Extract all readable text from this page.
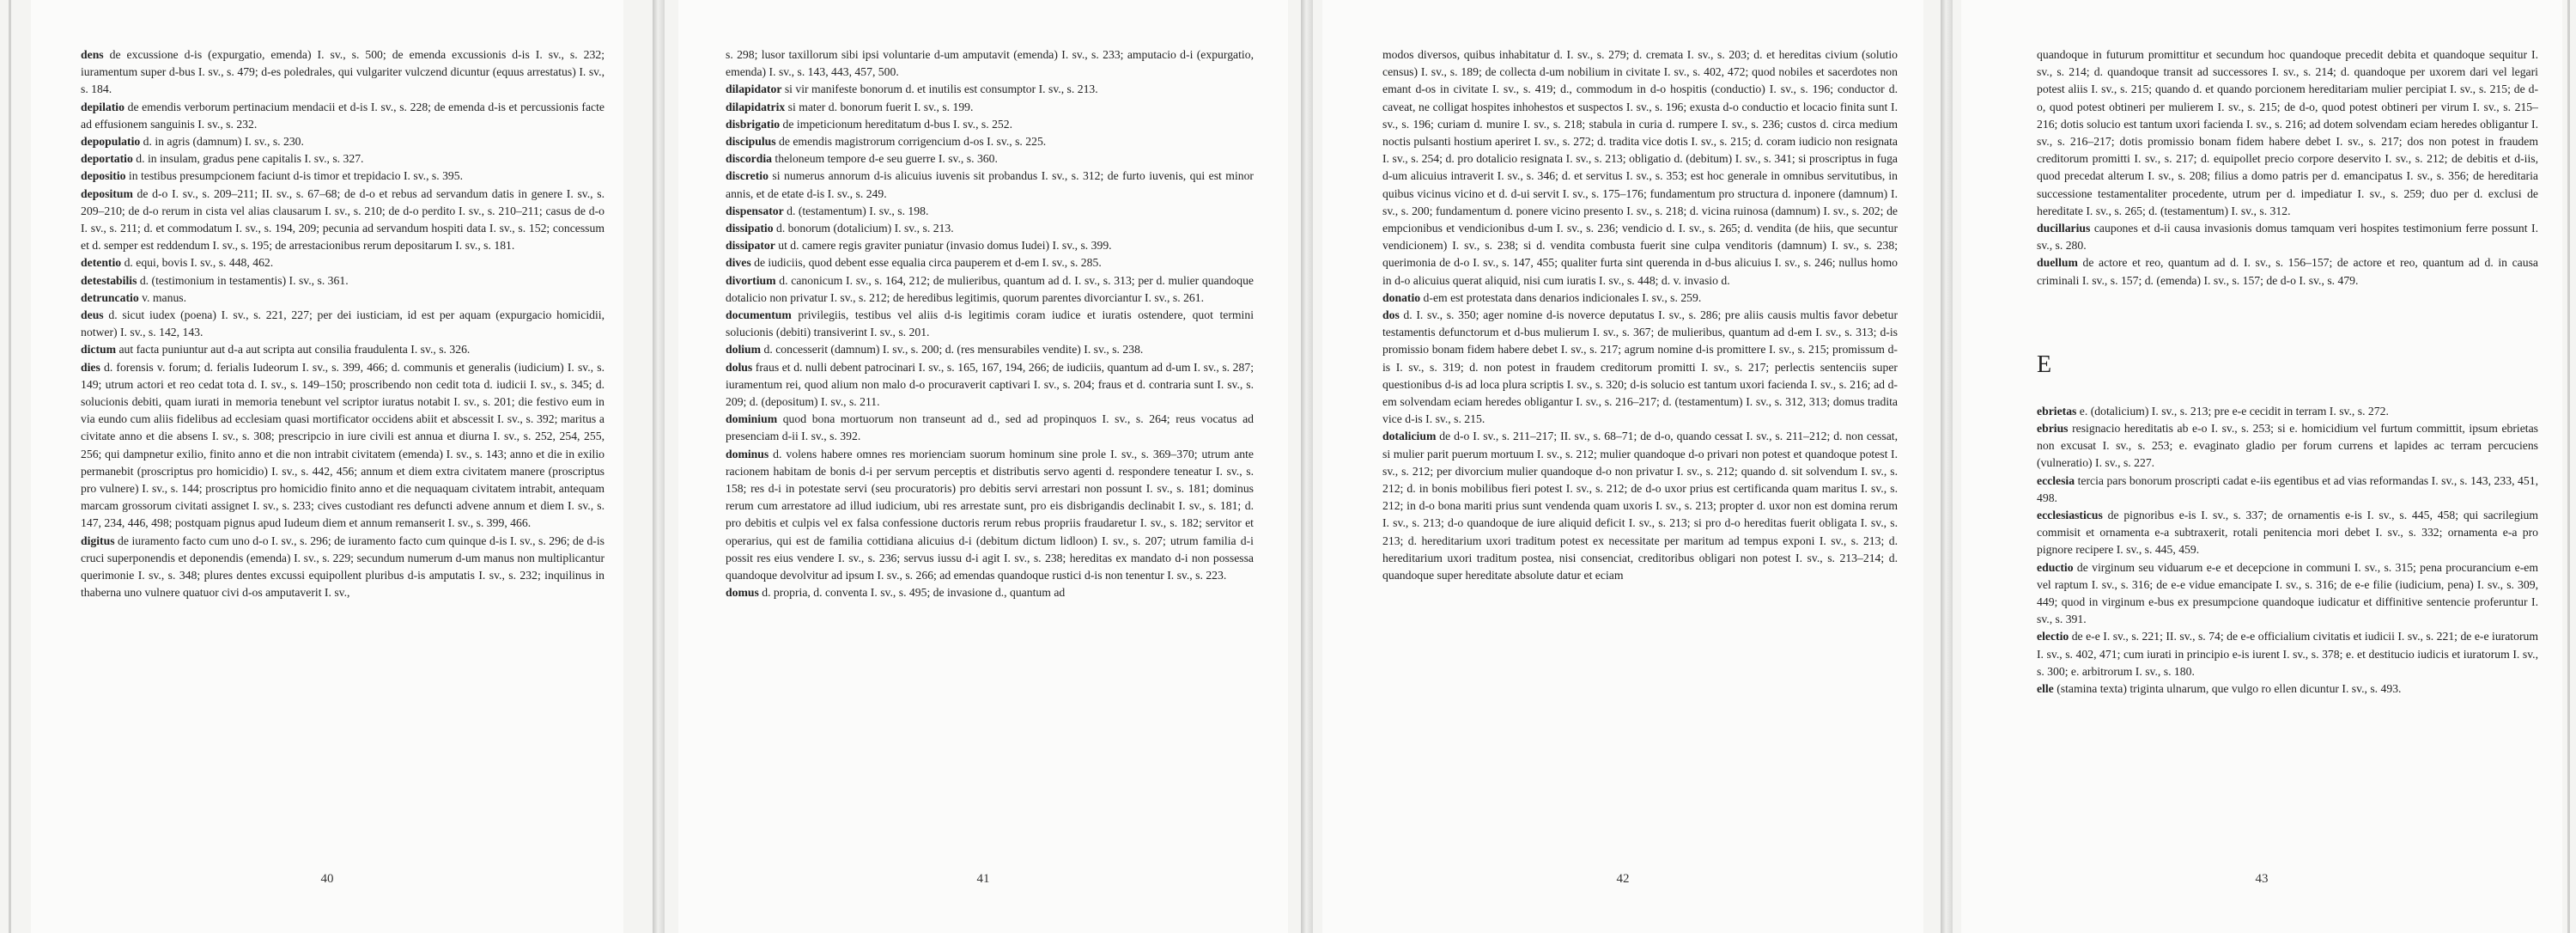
dens de excussione d-is (expurgatio, emenda) I. sv., s. 500; de emenda excussionis d-is I. sv., s. 232; iuramentum super d-bus I. sv., s. 479; d-es poledrales, qui vulgariter vulczend dicuntur (equus arrestatus) I. sv., s. 184.

depilatio de emendis verborum pertinacium mendacii et d-is I. sv., s. 228; de emenda d-is et percussionis facte ad effusionem sanguinis I. sv., s. 232.

depopulatio d. in agris (damnum) I. sv., s. 230.

deportatio d. in insulam, gradus pene capitalis I. sv., s. 327.

depositio in testibus presumpcionem faciunt d-is timor et trepidacio I. sv., s. 395.

depositum de d-o I. sv., s. 209–211; II. sv., s. 67–68; de d-o et rebus ad servandum datis in genere I. sv., s. 209–210; de d-o rerum in cista vel alias clausarum I. sv., s. 210; de d-o perdito I. sv., s. 210–211; casus de d-o I. sv., s. 211; d. et commodatum I. sv., s. 194, 209; pecunia ad servandum hospiti data I. sv., s. 152; concessum et d. semper est reddendum I. sv., s. 195; de arrestacionibus rerum depositarum I. sv., s. 181.

detentio d. equi, bovis I. sv., s. 448, 462.

detestabilis d. (testimonium in testamentis) I. sv., s. 361.

detruncatio v. manus.

deus d. sicut iudex (poena) I. sv., s. 221, 227; per dei iusticiam, id est per aquam (expurgacio homicidii, notwer) I. sv., s. 142, 143.

dictum aut facta puniuntur aut d-a aut scripta aut consilia fraudulenta I. sv., s. 326.

dies d. forensis v. forum; d. ferialis Iudeorum I. sv., s. 399, 466; d. communis et generalis (iudicium) I. sv., s. 149; utrum actori et reo cedat tota d. I. sv., s. 149–150; proscribendo non cedit tota d. iudicii I. sv., s. 345; d. solucionis debiti, quam iurati in memoria tenebunt vel scriptor iuratus notabit I. sv., s. 201; die festivo eum in via eundo cum aliis fidelibus ad ecclesiam quasi mortificator occidens abiit et abscessit I. sv., s. 392; maritus a civitate anno et die absens I. sv., s. 308; prescripcio in iure civili est annua et diurna I. sv., s. 252, 254, 255, 256; qui dampnetur exilio, finito anno et die non intrabit civitatem (emenda) I. sv., s. 143; anno et die in exilio permanebit (proscriptus pro homicidio) I. sv., s. 442, 456; annum et diem extra civitatem manere (proscriptus pro vulnere) I. sv., s. 144; proscriptus pro homicidio finito anno et die nequaquam civitatem intrabit, antequam marcam grossorum civitati assignet I. sv., s. 233; cives custodiant res defuncti advene annum et diem I. sv., s. 147, 234, 446, 498; postquam pignus apud Iudeum diem et annum remanserit I. sv., s. 399, 466.

digitus de iuramento facto cum uno d-o I. sv., s. 296; de iuramento facto cum quinque d-is I. sv., s. 296; de d-is cruci superponendis et deponendis (emenda) I. sv., s. 229; secundum numerum d-um manus non multiplicantur querimonie I. sv., s. 348; plures dentes excussi equipollent pluribus d-is amputatis I. sv., s. 232; inquilinus in thaberna uno vulnere quatuor civi d-os amputaverit I. sv.,

40

s. 298; lusor taxillorum sibi ipsi voluntarie d-um amputavit (emenda) I. sv., s. 233; amputacio d-i (expurgatio, emenda) I. sv., s. 143, 443, 457, 500.

dilapidator si vir manifeste bonorum d. et inutilis est consumptor I. sv., s. 213.

dilapidatrix si mater d. bonorum fuerit I. sv., s. 199.

disbrigatio de impeticionum hereditatum d-bus I. sv., s. 252.

discipulus de emendis magistrorum corrigencium d-os I. sv., s. 225.

discordia theloneum tempore d-e seu guerre I. sv., s. 360.

discretio si numerus annorum d-is alicuius iuvenis sit probandus I. sv., s. 312; de furto iuvenis, qui est minor annis, et de etate d-is I. sv., s. 249.

dispensator d. (testamentum) I. sv., s. 198.

dissipatio d. bonorum (dotalicium) I. sv., s. 213.

dissipator ut d. camere regis graviter puniatur (invasio domus Iudei) I. sv., s. 399.

dives de iudiciis, quod debent esse equalia circa pauperem et d-em I. sv., s. 285.

divortium d. canonicum I. sv., s. 164, 212; de mulieribus, quantum ad d. I. sv., s. 313; per d. mulier quandoque dotalicio non privatur I. sv., s. 212; de heredibus legitimis, quorum parentes divorciantur I. sv., s. 261.

documentum privilegiis, testibus vel aliis d-is legitimis coram iudice et iuratis ostendere, quot termini solucionis (debiti) transiverint I. sv., s. 201.

dolium d. concesserit (damnum) I. sv., s. 200; d. (res mensurabiles vendite) I. sv., s. 238.

dolus fraus et d. nulli debent patrocinari I. sv., s. 165, 167, 194, 266; de iudiciis, quantum ad d-um I. sv., s. 287; iuramentum rei, quod alium non malo d-o procuraverit captivari I. sv., s. 204; fraus et d. contraria sunt I. sv., s. 209; d. (depositum) I. sv., s. 211.

dominium quod bona mortuorum non transeunt ad d., sed ad propinquos I. sv., s. 264; reus vocatus ad presenciam d-ii I. sv., s. 392.

dominus d. volens habere omnes res morienciam suorum hominum sine prole I. sv., s. 369–370; utrum ante racionem habitam de bonis d-i per servum perceptis et distributis servo agenti d. respondere teneatur I. sv., s. 158; res d-i in potestate servi (seu procuratoris) pro debitis servi arrestari non possunt I. sv., s. 181; dominus rerum cum arrestatore ad illud iudicium, ubi res arrestate sunt, pro eis disbrigandis declinabit I. sv., s. 181; d. pro debitis et culpis vel ex falsa confessione ductoris rerum rebus propriis fraudaretur I. sv., s. 182; servitor et operarius, qui est de familia cottidiana alicuius d-i (debitum dictum lidloon) I. sv., s. 207; utrum familia d-i possit res eius vendere I. sv., s. 236; servus iussu d-i agit I. sv., s. 238; hereditas ex mandato d-i non possessa quandoque devolvitur ad ipsum I. sv., s. 266; ad emendas quandoque rustici d-is non tenentur I. sv., s. 223.

domus d. propria, d. conventa I. sv., s. 495; de invasione d., quantum ad

41

modos diversos, quibus inhabitatur d. I. sv., s. 279; d. cremata I. sv., s. 203; d. et hereditas civium (solutio census) I. sv., s. 189; de collecta d-um nobilium in civitate I. sv., s. 402, 472; quod nobiles et sacerdotes non emant d-os in civitate I. sv., s. 419; d., commodum in d-o hospitis (conductio) I. sv., s. 196; conductor d. caveat, ne colligat hospites inhohestos et suspectos I. sv., s. 196; exusta d-o conductio et locacio finita sunt I. sv., s. 196; curiam d. munire I. sv., s. 218; stabula in curia d. rumpere I. sv., s. 236; custos d. circa medium noctis pulsanti hostium aperiret I. sv., s. 272; d. tradita vice dotis I. sv., s. 215; d. coram iudicio non resignata I. sv., s. 254; d. pro dotalicio resignata I. sv., s. 213; obligatio d. (debitum) I. sv., s. 341; si proscriptus in fuga d-um alicuius intraverit I. sv., s. 346; d. et servitus I. sv., s. 353; est hoc generale in omnibus servitutibus, in quibus vicinus vicino et d. d-ui servit I. sv., s. 175–176; fundamentum pro structura d. inponere (damnum) I. sv., s. 200; fundamentum d. ponere vicino presento I. sv., s. 218; d. vicina ruinosa (damnum) I. sv., s. 202; de empcionibus et vendicionibus d-um I. sv., s. 236; vendicio d. I. sv., s. 265; d. vendita (de hiis, que secuntur vendicionem) I. sv., s. 238; si d. vendita combusta fuerit sine culpa venditoris (damnum) I. sv., s. 238; querimonia de d-o I. sv., s. 147, 455; qualiter furta sint querenda in d-bus alicuius I. sv., s. 246; nullus homo in d-o alicuius querat aliquid, nisi cum iuratis I. sv., s. 448; d. v. invasio d.

donatio d-em est protestata dans denarios indicionales I. sv., s. 259.

dos d. I. sv., s. 350; ager nomine d-is noverce deputatus I. sv., s. 286; pre aliis causis multis favor debetur testamentis defunctorum et d-bus mulierum I. sv., s. 367; de mulieribus, quantum ad d-em I. sv., s. 313; d-is promissio bonam fidem habere debet I. sv., s. 217; agrum nomine d-is promittere I. sv., s. 215; promissum d-is I. sv., s. 319; d. non potest in fraudem creditorum promitti I. sv., s. 217; perlectis sentenciis super questionibus d-is ad loca plura scriptis I. sv., s. 320; d-is solucio est tantum uxori facienda I. sv., s. 216; ad d-em solvendam eciam heredes obligantur I. sv., s. 216–217; d. (testamentum) I. sv., s. 312, 313; domus tradita vice d-is I. sv., s. 215.

dotalicium de d-o I. sv., s. 211–217; II. sv., s. 68–71; de d-o, quando cessat I. sv., s. 211–212; d. non cessat, si mulier parit puerum mortuum I. sv., s. 212; mulier quandoque d-o privari non potest et quandoque potest I. sv., s. 212; per divorcium mulier quandoque d-o non privatur I. sv., s. 212; quando d. sit solvendum I. sv., s. 212; d. in bonis mobilibus fieri potest I. sv., s. 212; de d-o uxor prius est certificanda quam maritus I. sv., s. 212; in d-o bona mariti prius sunt vendenda quam uxoris I. sv., s. 213; propter d. uxor non est domina rerum I. sv., s. 213; d-o quandoque de iure aliquid deficit I. sv., s. 213; si pro d-o hereditas fuerit obligata I. sv., s. 213; d. hereditarium uxori traditum potest ex necessitate per maritum ad tempus exponi I. sv., s. 213; d. hereditarium uxori traditum postea, nisi consenciat, creditoribus obligari non potest I. sv., s. 213–214; d. quandoque super hereditate absolute datur et eciam

42

quandoque in futurum promittitur et secundum hoc quandoque precedit debita et quandoque sequitur I. sv., s. 214; d. quandoque transit ad successores I. sv., s. 214; d. quandoque per uxorem dari vel legari potest aliis I. sv., s. 215; quando d. et quando porcionem hereditariam mulier percipiat I. sv., s. 215; de d-o, quod potest obtineri per mulierem I. sv., s. 215; de d-o, quod potest obtineri per virum I. sv., s. 215–216; dotis solucio est tantum uxori facienda I. sv., s. 216; ad dotem solvendam eciam heredes obligantur I. sv., s. 216–217; dotis promissio bonam fidem habere debet I. sv., s. 217; dos non potest in fraudem creditorum promitti I. sv., s. 217; d. equipollet precio corpore deservito I. sv., s. 212; de debitis et d-iis, quod precedat alterum I. sv., s. 208; filius a domo patris per d. emancipatus I. sv., s. 356; de hereditaria successione testamentaliter procedente, utrum per d. impediatur I. sv., s. 259; duo per d. exclusi de hereditate I. sv., s. 265; d. (testamentum) I. sv., s. 312.

ducillarius caupones et d-ii causa invasionis domus tamquam veri hospites testimonium ferre possunt I. sv., s. 280.

duellum de actore et reo, quantum ad d. I. sv., s. 156–157; de actore et reo, quantum ad d. in causa criminali I. sv., s. 157; d. (emenda) I. sv., s. 157; de d-o I. sv., s. 479.

E

ebrietas e. (dotalicium) I. sv., s. 213; pre e-e cecidit in terram I. sv., s. 272.

ebrius resignacio hereditatis ab e-o I. sv., s. 253; si e. homicidium vel furtum committit, ipsum ebrietas non excusat I. sv., s. 253; e. evaginato gladio per forum currens et lapides ac terram percuciens (vulneratio) I. sv., s. 227.

ecclesia tercia pars bonorum proscripti cadat e-iis egentibus et ad vias reformandas I. sv., s. 143, 233, 451, 498.

ecclesiasticus de pignoribus e-is I. sv., s. 337; de ornamentis e-is I. sv., s. 445, 458; qui sacrilegium commisit et ornamenta e-a subtraxerit, rotali penitencia mori debet I. sv., s. 332; ornamenta e-a pro pignore recipere I. sv., s. 445, 459.

eductio de virginum seu viduarum e-e et decepcione in communi I. sv., s. 315; pena procurancium e-em vel raptum I. sv., s. 316; de e-e vidue emancipate I. sv., s. 316; de e-e filie (iudicium, pena) I. sv., s. 309, 449; quod in virginum e-bus ex presumpcione quandoque iudicatur et diffinitive sentencie proferuntur I. sv., s. 391.

electio de e-e I. sv., s. 221; II. sv., s. 74; de e-e officialium civitatis et iudicii I. sv., s. 221; de e-e iuratorum I. sv., s. 402, 471; cum iurati in principio e-is iurent I. sv., s. 378; e. et destitucio iudicis et iuratorum I. sv., s. 300; e. arbitrorum I. sv., s. 180.

elle (stamina texta) triginta ulnarum, que vulgo ro ellen dicuntur I. sv., s. 493.

43
